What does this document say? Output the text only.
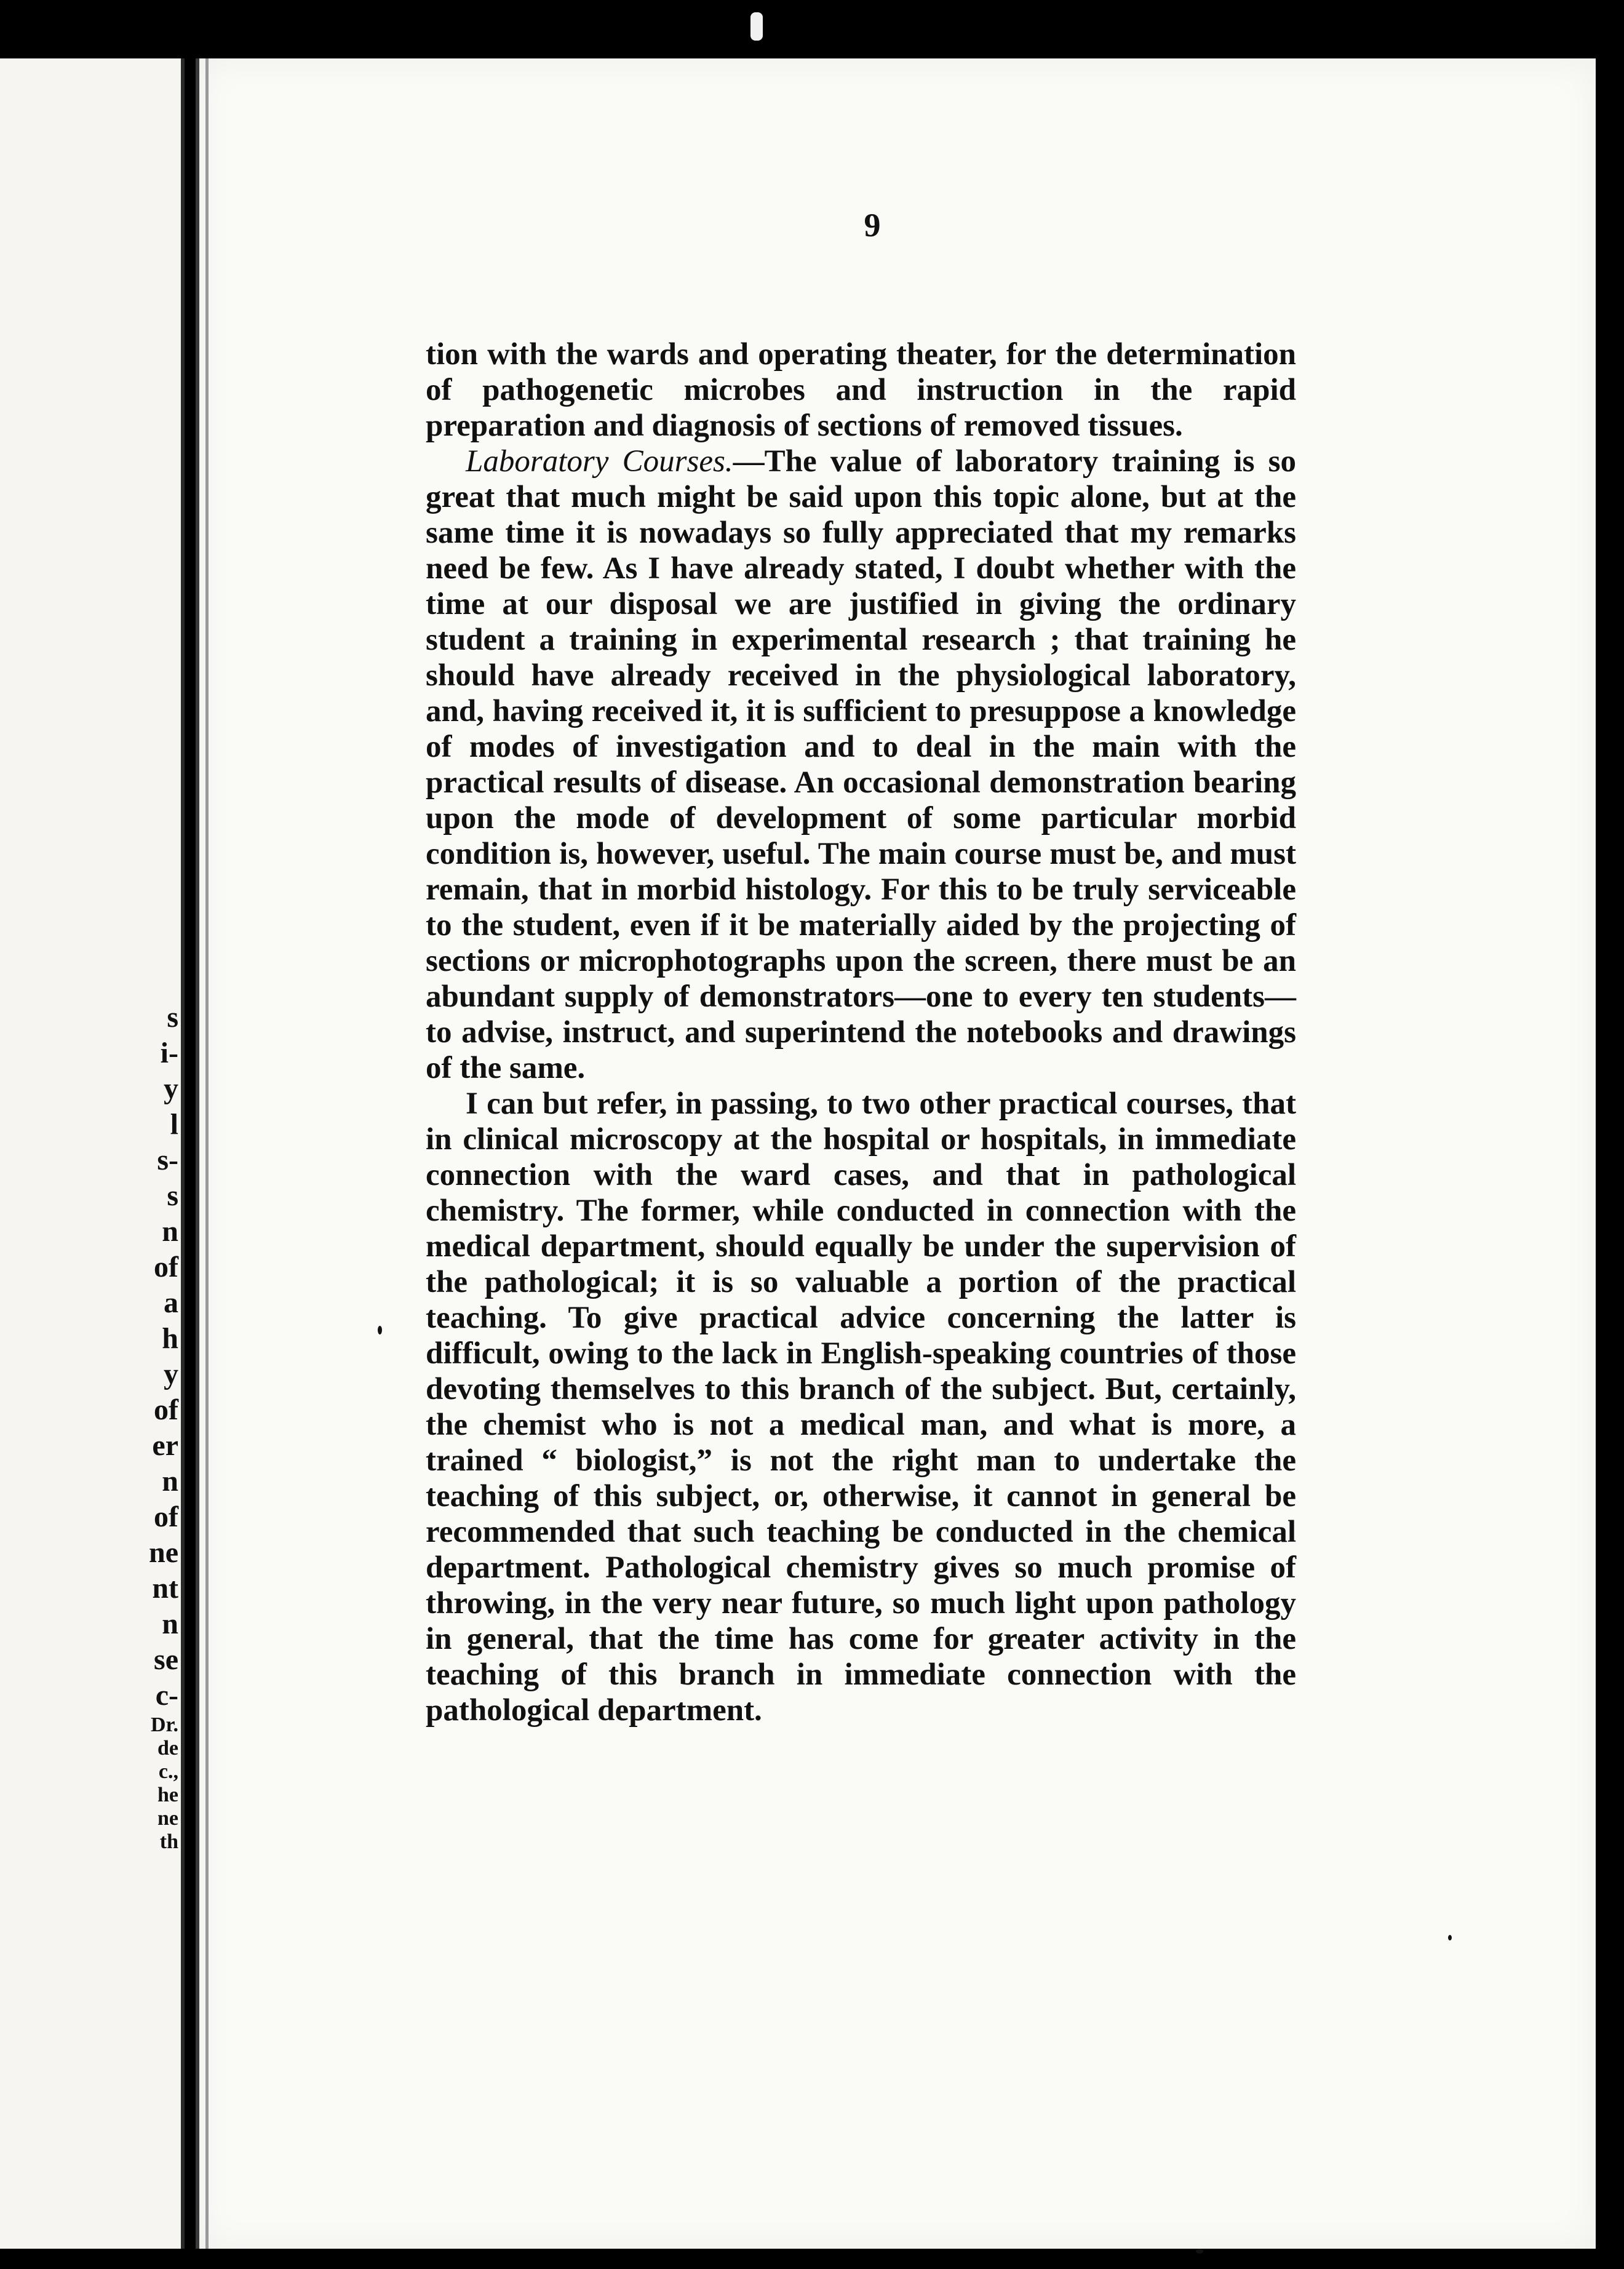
s
i-
y
l
s-
s
n
of
a
h
y
of
er
n
of
ne
nt
n
se
c-
Dr.
de
c.,
he
ne
th

9

tion with the wards and operating theater, for the determination of pathogenetic microbes and instruction in the rapid preparation and diagnosis of sections of removed tissues.

Laboratory Courses.—The value of laboratory training is so great that much might be said upon this topic alone, but at the same time it is nowadays so fully appreciated that my remarks need be few. As I have already stated, I doubt whether with the time at our disposal we are justified in giving the ordinary student a training in experimental research ; that training he should have already received in the physiological laboratory, and, having received it, it is sufficient to presuppose a knowledge of modes of investigation and to deal in the main with the practical results of disease. An occasional demonstration bearing upon the mode of development of some particular morbid condition is, however, useful. The main course must be, and must remain, that in morbid histology. For this to be truly serviceable to the student, even if it be materially aided by the projecting of sections or microphotographs upon the screen, there must be an abundant supply of demonstrators—one to every ten students—to advise, instruct, and superintend the notebooks and drawings of the same.

I can but refer, in passing, to two other practical courses, that in clinical microscopy at the hospital or hospitals, in immediate connection with the ward cases, and that in pathological chemistry. The former, while conducted in connection with the medical department, should equally be under the supervision of the pathological; it is so valuable a portion of the practical teaching. To give practical advice concerning the latter is difficult, owing to the lack in English-speaking countries of those devoting themselves to this branch of the subject. But, certainly, the chemist who is not a medical man, and what is more, a trained “ biologist,” is not the right man to undertake the teaching of this subject, or, otherwise, it cannot in general be recommended that such teaching be conducted in the chemical department. Pathological chemistry gives so much promise of throwing, in the very near future, so much light upon pathology in general, that the time has come for greater activity in the teaching of this branch in immediate connection with the pathological department.
